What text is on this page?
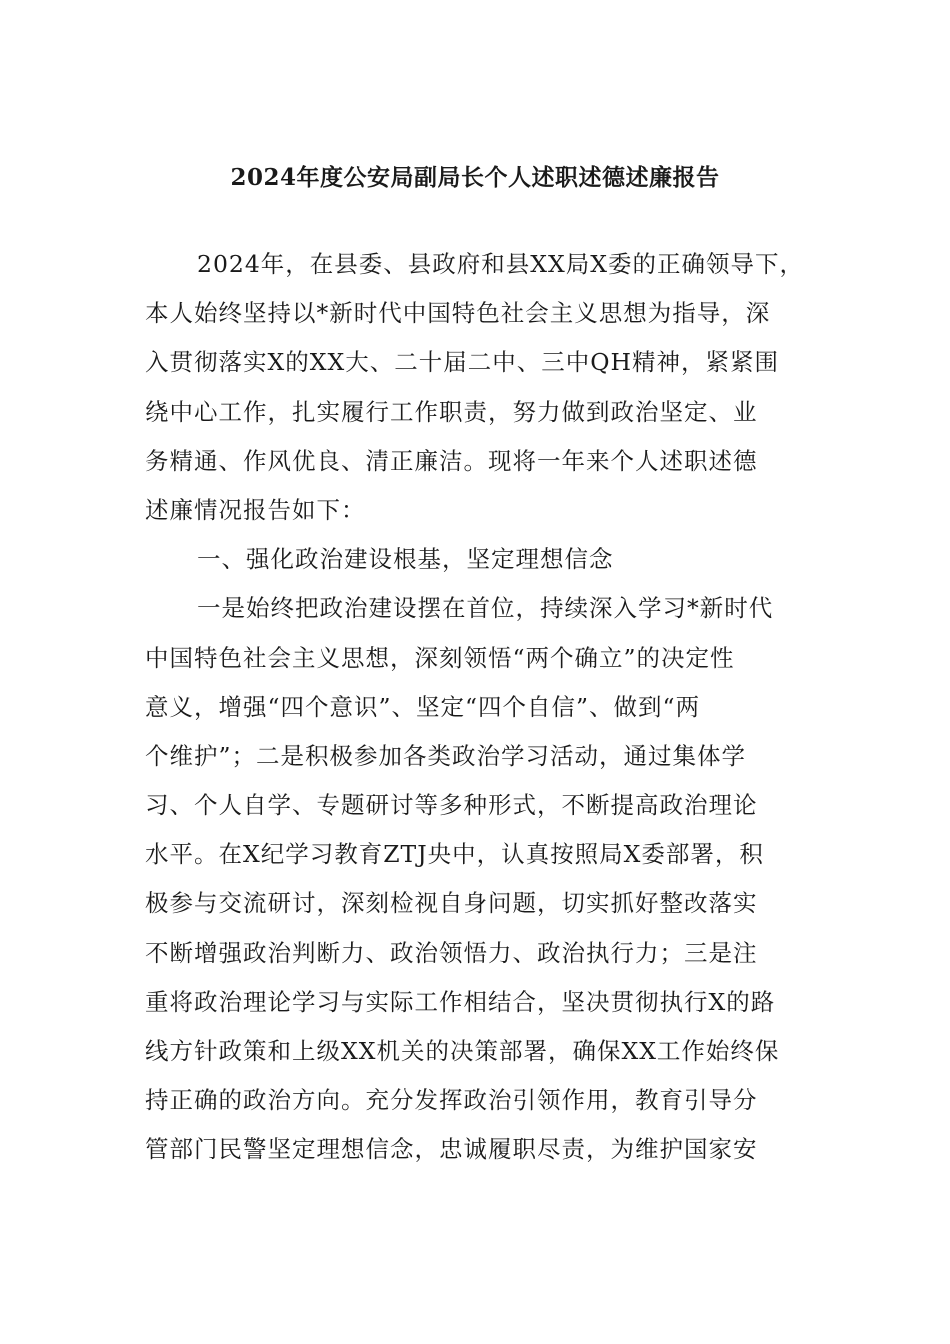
2024年度公安局副局长个人述职述德述廉报告
2024年，在县委、县政府和县XX局X委的正确领导下，
本人始终坚持以*新时代中国特色社会主义思想为指导，深
入贯彻落实X的XX大、二十届二中、三中QH精神，紧紧围
绕中心工作，扎实履行工作职责，努力做到政治坚定、业
务精通、作风优良、清正廉洁。现将一年来个人述职述德
述廉情况报告如下：
一、强化政治建设根基，坚定理想信念
一是始终把政治建设摆在首位，持续深入学习*新时代
中国特色社会主义思想，深刻领悟“两个确立”的决定性
意义，增强“四个意识”、坚定“四个自信”、做到“两
个维护”；二是积极参加各类政治学习活动，通过集体学
习、个人自学、专题研讨等多种形式，不断提高政治理论
水平。在X纪学习教育ZTJ央中，认真按照局X委部署，积
极参与交流研讨，深刻检视自身问题，切实抓好整改落实
不断增强政治判断力、政治领悟力、政治执行力；三是注
重将政治理论学习与实际工作相结合，坚决贯彻执行X的路
线方针政策和上级XX机关的决策部署，确保XX工作始终保
持正确的政治方向。充分发挥政治引领作用，教育引导分
管部门民警坚定理想信念，忠诚履职尽责，为维护国家安
